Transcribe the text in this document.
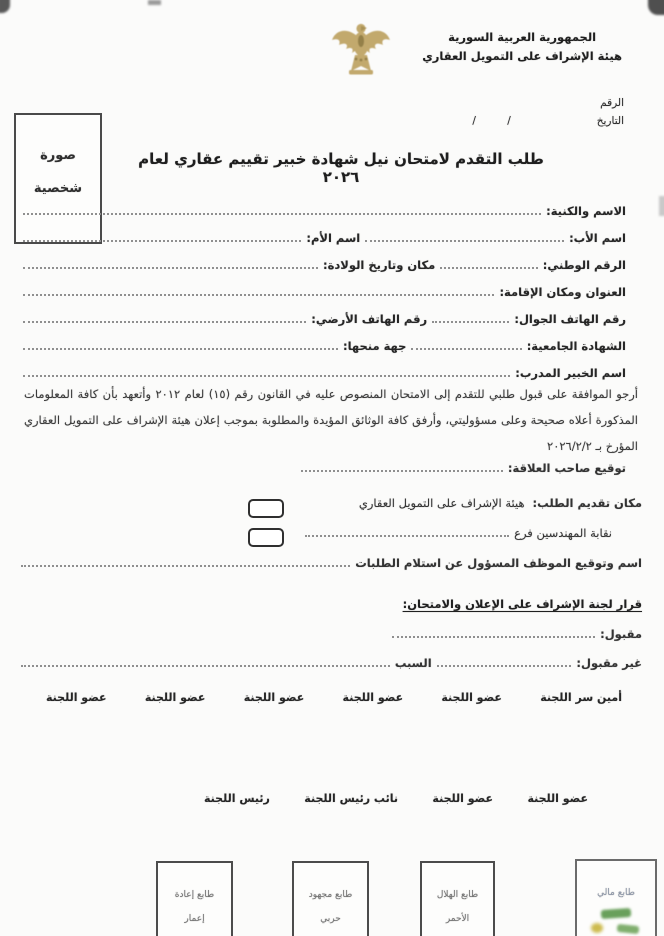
الجمهورية العربية السورية
هيئة الإشراف على التمويل العقاري
الرقم
التاريخ/ /
صورة
شخصية
طلب التقدم لامتحان نيل شهادة خبير تقييم عقاري لعام ٢٠٢٦
الاسم والكنية:
اسم الأب:
اسم الأم:
الرقم الوطني:
مكان وتاريخ الولادة:
العنوان ومكان الإقامة:
رقم الهاتف الجوال:
رقم الهاتف الأرضي:
الشهادة الجامعية:
جهة منحها:
اسم الخبير المدرب:
أرجو الموافقة على قبول طلبي للتقدم إلى الامتحان المنصوص عليه في القانون رقم (١٥) لعام ٢٠١٢ وأتعهد بأن كافة المعلومات المذكورة أعلاه صحيحة وعلى مسؤوليتي، وأرفق كافة الوثائق المؤيدة والمطلوبة بموجب إعلان هيئة الإشراف على التمويل العقاري المؤرخ بـ ٢٠٢٦/٢/٢
توقيع صاحب العلاقة:
مكان تقديم الطلب:
هيئة الإشراف على التمويل العقاري
نقابة المهندسين فرع
اسم وتوقيع الموظف المسؤول عن استلام الطلبات
قرار لجنة الإشراف على الإعلان والامتحان:
مقبول:
غير مقبول:
السبب
أمين سر اللجنة
عضو اللجنة
عضو اللجنة
عضو اللجنة
عضو اللجنة
عضو اللجنة
عضو اللجنة
عضو اللجنة
نائب رئيس اللجنة
رئيس اللجنة
طابع مالي
طابع الهلال
الأحمر
طابع مجهود
حربي
طابع إعادة
إعمار
